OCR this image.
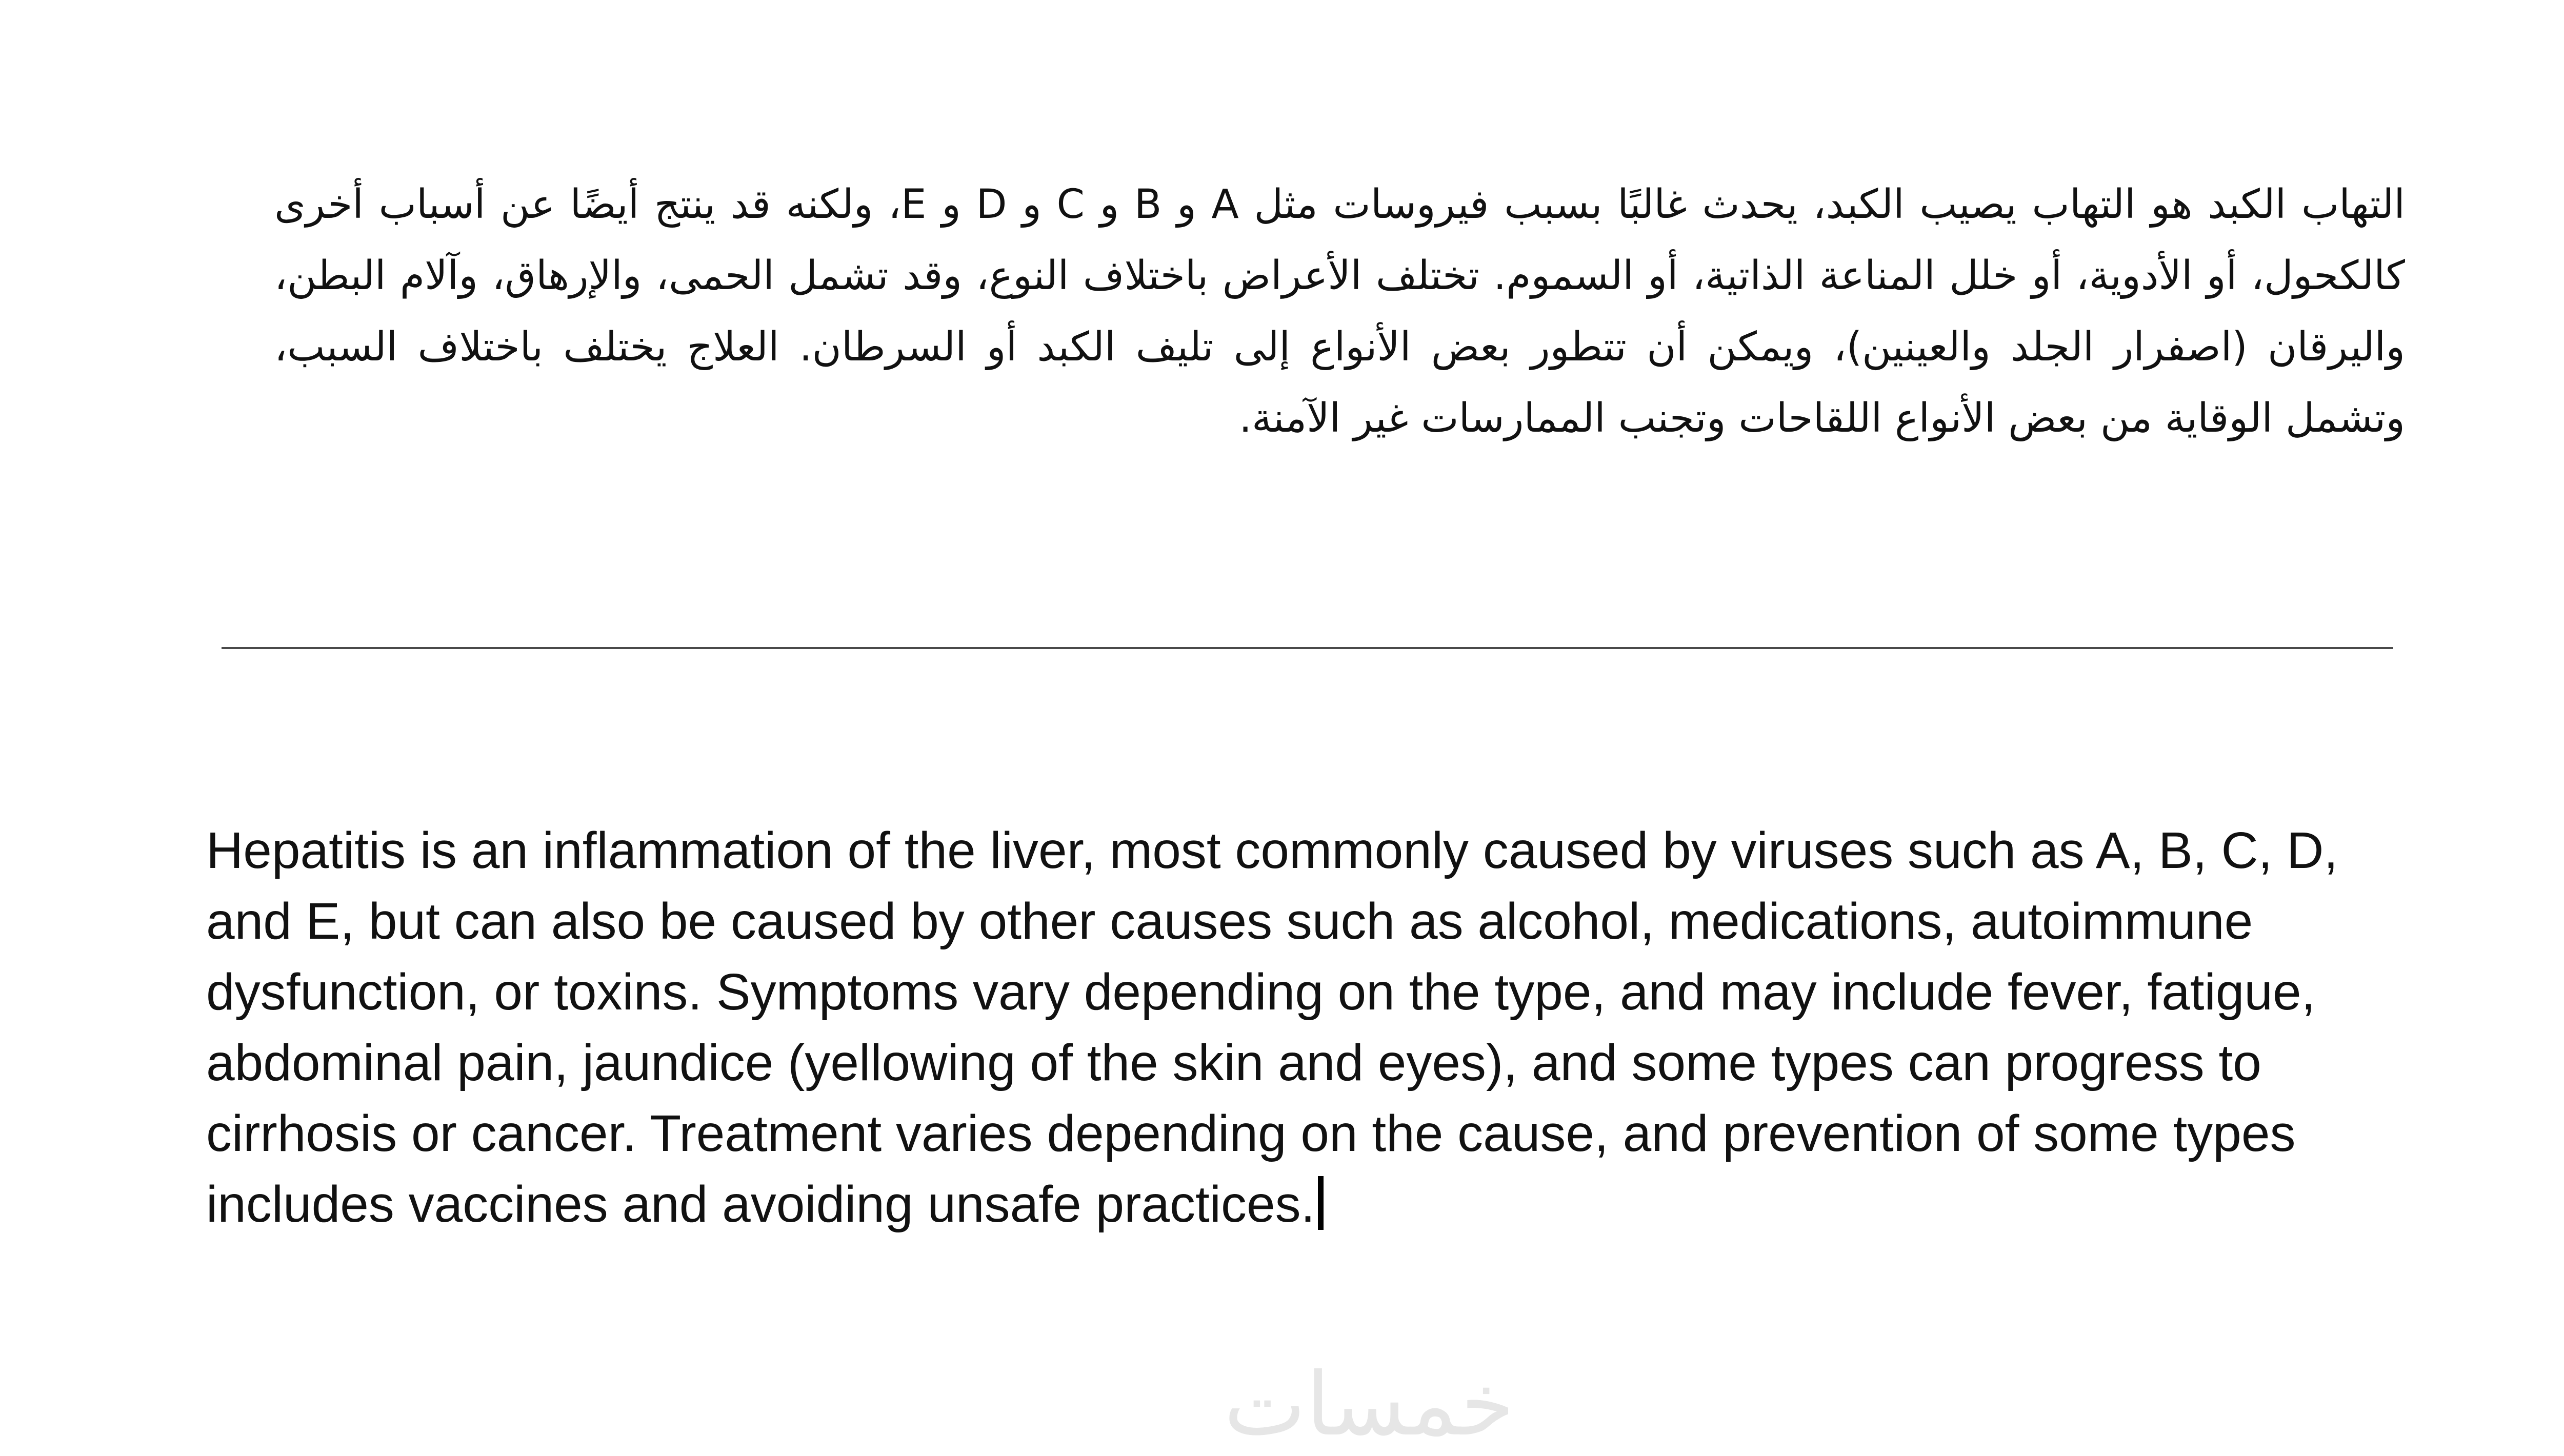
التهاب الكبد هو التهاب يصيب الكبد، يحدث غالبًا بسبب فيروسات مثل A و B و C و D و E، ولكنه قد ينتج أيضًا عن أسباب أخرى كالكحول، أو الأدوية، أو خلل المناعة الذاتية، أو السموم. تختلف الأعراض باختلاف النوع، وقد تشمل الحمى، والإرهاق، وآلام البطن، واليرقان (اصفرار الجلد والعينين)، ويمكن أن تتطور بعض الأنواع إلى تليف الكبد أو السرطان. العلاج يختلف باختلاف السبب، وتشمل الوقاية من بعض الأنواع اللقاحات وتجنب الممارسات غير الآمنة.

Hepatitis is an inflammation of the liver, most commonly caused by viruses such as A, B, C, D, and E, but can also be caused by other causes such as alcohol, medications, autoimmune dysfunction, or toxins. Symptoms vary depending on the type, and may include fever, fatigue, abdominal pain, jaundice (yellowing of the skin and eyes), and some types can progress to cirrhosis or cancer. Treatment varies depending on the cause, and prevention of some types includes vaccines and avoiding unsafe practices.

خمسات
